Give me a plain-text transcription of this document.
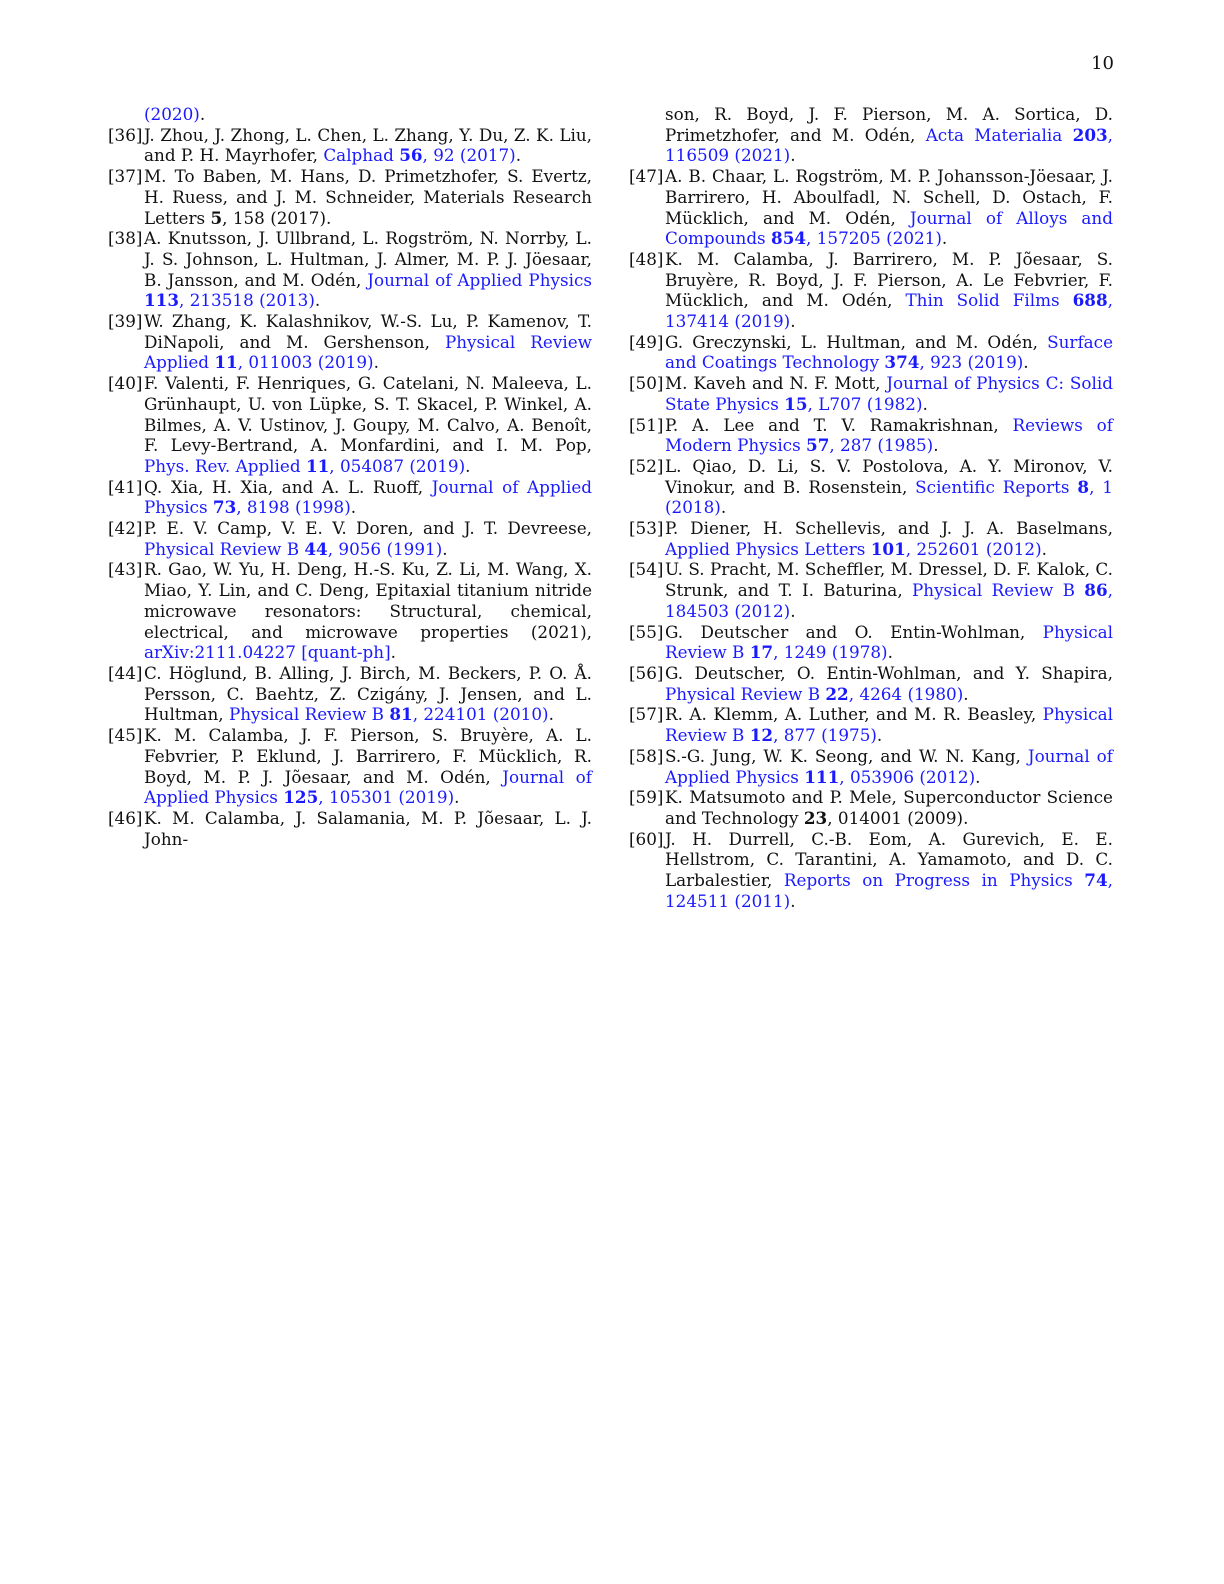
10
(2020).
[36] J. Zhou, J. Zhong, L. Chen, L. Zhang, Y. Du, Z. K. Liu, and P. H. Mayrhofer, Calphad 56, 92 (2017).
[37] M. To Baben, M. Hans, D. Primetzhofer, S. Evertz, H. Ruess, and J. M. Schneider, Materials Research Letters 5, 158 (2017).
[38] A. Knutsson, J. Ullbrand, L. Rogström, N. Norrby, L. J. S. Johnson, L. Hultman, J. Almer, M. P. J. Jöesaar, B. Jansson, and M. Odén, Journal of Applied Physics 113, 213518 (2013).
[39] W. Zhang, K. Kalashnikov, W.-S. Lu, P. Kamenov, T. DiNapoli, and M. Gershenson, Physical Review Applied 11, 011003 (2019).
[40] F. Valenti, F. Henriques, G. Catelani, N. Maleeva, L. Grünhaupt, U. von Lüpke, S. T. Skacel, P. Winkel, A. Bilmes, A. V. Ustinov, J. Goupy, M. Calvo, A. Benoît, F. Levy-Bertrand, A. Monfardini, and I. M. Pop, Phys. Rev. Applied 11, 054087 (2019).
[41] Q. Xia, H. Xia, and A. L. Ruoff, Journal of Applied Physics 73, 8198 (1998).
[42] P. E. V. Camp, V. E. V. Doren, and J. T. Devreese, Physical Review B 44, 9056 (1991).
[43] R. Gao, W. Yu, H. Deng, H.-S. Ku, Z. Li, M. Wang, X. Miao, Y. Lin, and C. Deng, Epitaxial titanium nitride microwave resonators: Structural, chemical, electrical, and microwave properties (2021), arXiv:2111.04227 [quant-ph].
[44] C. Höglund, B. Alling, J. Birch, M. Beckers, P. O. Å. Persson, C. Baehtz, Z. Czigány, J. Jensen, and L. Hultman, Physical Review B 81, 224101 (2010).
[45] K. M. Calamba, J. F. Pierson, S. Bruyère, A. L. Febvrier, P. Eklund, J. Barrirero, F. Mücklich, R. Boyd, M. P. J. Jõesaar, and M. Odén, Journal of Applied Physics 125, 105301 (2019).
[46] K. M. Calamba, J. Salamania, M. P. Jõesaar, L. J. John-
son, R. Boyd, J. F. Pierson, M. A. Sortica, D. Primetzhofer, and M. Odén, Acta Materialia 203, 116509 (2021).
[47] A. B. Chaar, L. Rogström, M. P. Johansson-Jöesaar, J. Barrirero, H. Aboulfadl, N. Schell, D. Ostach, F. Mücklich, and M. Odén, Journal of Alloys and Compounds 854, 157205 (2021).
[48] K. M. Calamba, J. Barrirero, M. P. Jõesaar, S. Bruyère, R. Boyd, J. F. Pierson, A. Le Febvrier, F. Mücklich, and M. Odén, Thin Solid Films 688, 137414 (2019).
[49] G. Greczynski, L. Hultman, and M. Odén, Surface and Coatings Technology 374, 923 (2019).
[50] M. Kaveh and N. F. Mott, Journal of Physics C: Solid State Physics 15, L707 (1982).
[51] P. A. Lee and T. V. Ramakrishnan, Reviews of Modern Physics 57, 287 (1985).
[52] L. Qiao, D. Li, S. V. Postolova, A. Y. Mironov, V. Vinokur, and B. Rosenstein, Scientific Reports 8, 1 (2018).
[53] P. Diener, H. Schellevis, and J. J. A. Baselmans, Applied Physics Letters 101, 252601 (2012).
[54] U. S. Pracht, M. Scheffler, M. Dressel, D. F. Kalok, C. Strunk, and T. I. Baturina, Physical Review B 86, 184503 (2012).
[55] G. Deutscher and O. Entin-Wohlman, Physical Review B 17, 1249 (1978).
[56] G. Deutscher, O. Entin-Wohlman, and Y. Shapira, Physical Review B 22, 4264 (1980).
[57] R. A. Klemm, A. Luther, and M. R. Beasley, Physical Review B 12, 877 (1975).
[58] S.-G. Jung, W. K. Seong, and W. N. Kang, Journal of Applied Physics 111, 053906 (2012).
[59] K. Matsumoto and P. Mele, Superconductor Science and Technology 23, 014001 (2009).
[60] J. H. Durrell, C.-B. Eom, A. Gurevich, E. E. Hellstrom, C. Tarantini, A. Yamamoto, and D. C. Larbalestier, Reports on Progress in Physics 74, 124511 (2011).
